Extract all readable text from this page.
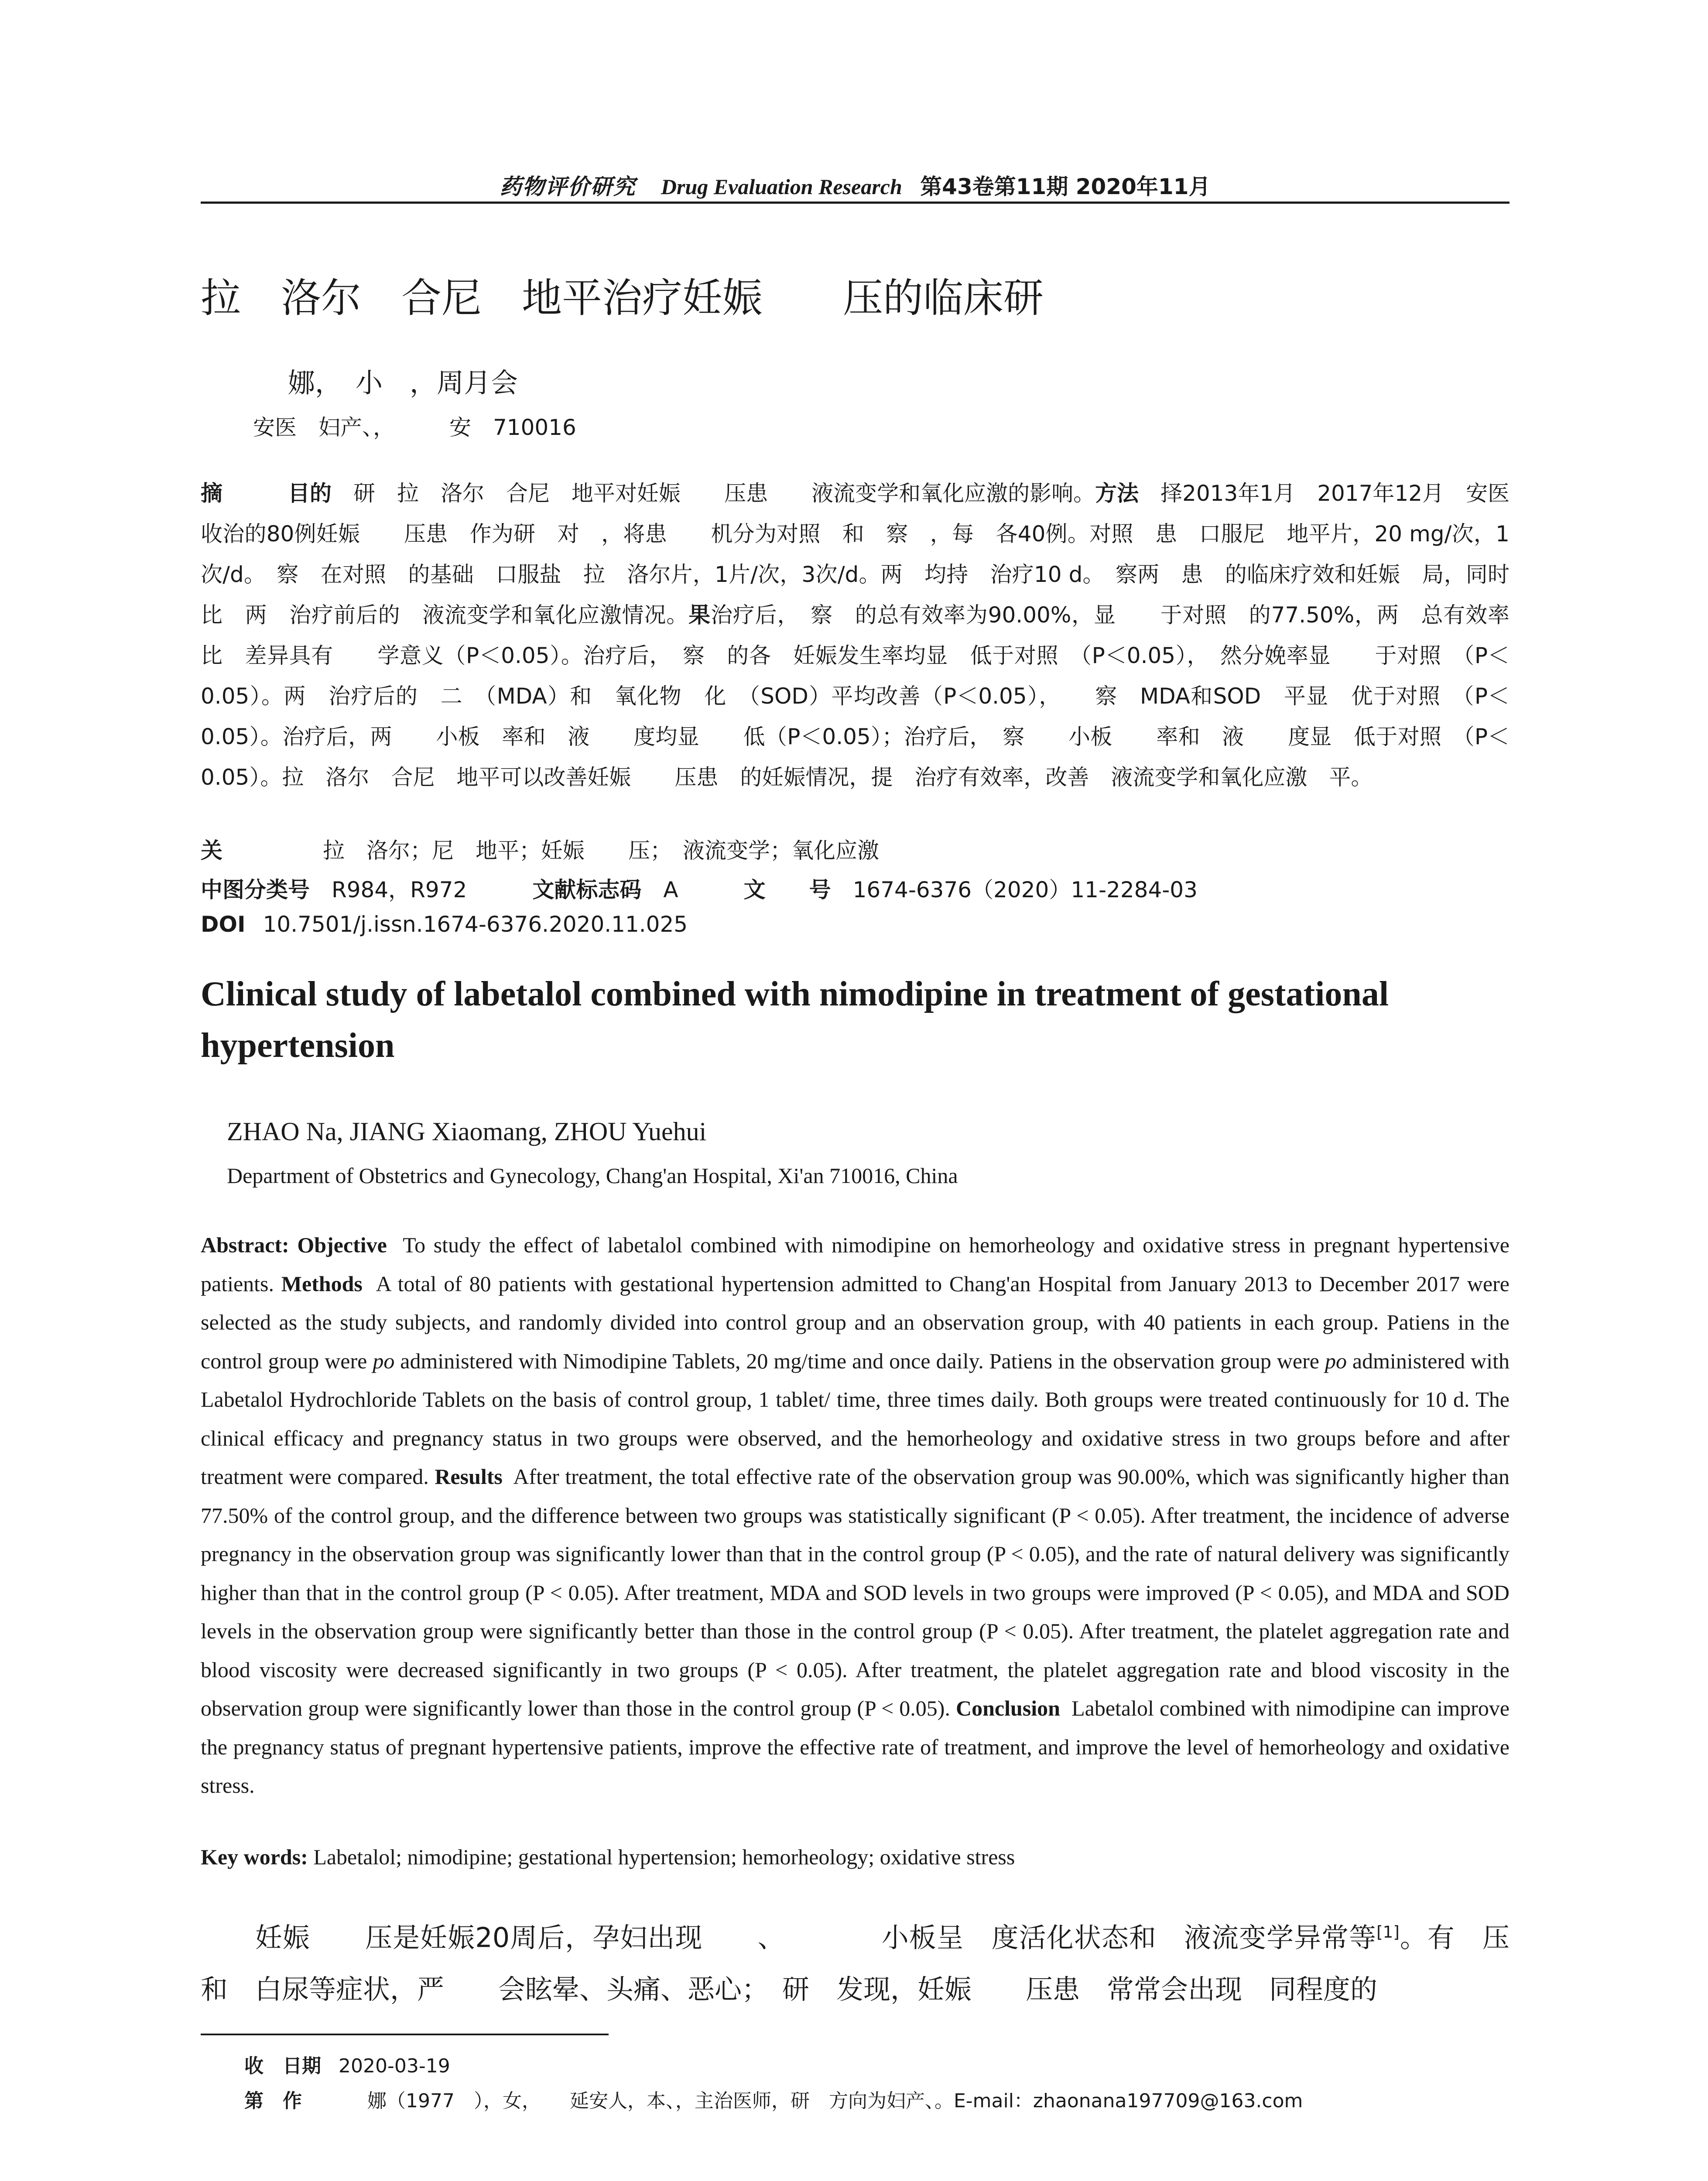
药物评价研究 Drug Evaluation Research 第43卷第11期 2020年11月
拉　洛尔　合尼　地平治疗妊娠　　压的临床研
娜，　小　，周月会
安医　妇产、，　　　安　710016
摘	目的　 研　拉　洛尔　合尼　地平对妊娠　　压患　　液流变学和氧化应激的影响。方法　 择2013年1月　2017年12月　安医　收治的80例妊娠　　压患　作为研　对　，将患　　机分为对照　和　察　，每　各40例。对照　患　口服尼　地平片，20 mg/次，1次/d。　察　在对照　的基础　口服盐　拉　洛尔片，1片/次，3次/d。两　均持　治疗10 d。　察两　患　的临床疗效和妊娠　局，同时比　两　治疗前后的　液流变学和氧化应激情况。果治疗后，　察　的总有效率为90.00%，显　　于对照　的77.50%，两　总有效率比　差异具有　　学意义（P＜0.05）。治疗后，　察　的各　妊娠发生率均显　低于对照　（P＜0.05），　然分娩率显　　于对照　（P＜0.05）。两　治疗后的　二　（MDA）和　氧化物　化　（SOD）平均改善（P＜0.05），　　察　MDA和SOD　平显　优于对照　（P＜0.05）。治疗后，两　　小板　率和　液　　度均显　　低（P＜0.05）；治疗后，　察　　小板　　率和　液　　度显　低于对照　（P＜0.05）。拉　洛尔　合尼　地平可以改善妊娠　　压患　的妊娠情况，提　治疗有效率，改善　液流变学和氧化应激　平。
关	拉　洛尔；尼　地平；妊娠　　压；　液流变学；氧化应激
中图分类号 R984，R972	文献标志码 A	文　　号 1674-6376（2020）11-2284-03
DOI 10.7501/j.issn.1674-6376.2020.11.025
Clinical study of labetalol combined with nimodipine in treatment of gestational hypertension
ZHAO Na, JIANG Xiaomang, ZHOU Yuehui
Department of Obstetrics and Gynecology, Chang'an Hospital, Xi'an 710016, China
Abstract: Objective To study the effect of labetalol combined with nimodipine on hemorheology and oxidative stress in pregnant hypertensive patients. Methods A total of 80 patients with gestational hypertension admitted to Chang'an Hospital from January 2013 to December 2017 were selected as the study subjects, and randomly divided into control group and an observation group, with 40 patients in each group. Patiens in the control group were po administered with Nimodipine Tablets, 20 mg/time and once daily. Patiens in the observation group were po administered with Labetalol Hydrochloride Tablets on the basis of control group, 1 tablet/ time, three times daily. Both groups were treated continuously for 10 d. The clinical efficacy and pregnancy status in two groups were observed, and the hemorheology and oxidative stress in two groups before and after treatment were compared. Results After treatment, the total effective rate of the observation group was 90.00%, which was significantly higher than 77.50% of the control group, and the difference between two groups was statistically significant (P < 0.05). After treatment, the incidence of adverse pregnancy in the observation group was significantly lower than that in the control group (P < 0.05), and the rate of natural delivery was significantly higher than that in the control group (P < 0.05). After treatment, MDA and SOD levels in two groups were improved (P < 0.05), and MDA and SOD levels in the observation group were significantly better than those in the control group (P < 0.05). After treatment, the platelet aggregation rate and blood viscosity were decreased significantly in two groups (P < 0.05). After treatment, the platelet aggregation rate and blood viscosity in the observation group were significantly lower than those in the control group (P < 0.05). Conclusion Labetalol combined with nimodipine can improve the pregnancy status of pregnant hypertensive patients, improve the effective rate of treatment, and improve the level of hemorheology and oxidative stress.
Key words: Labetalol; nimodipine; gestational hypertension; hemorheology; oxidative stress
妊娠　　压是妊娠20周后，孕妇出现　　、　　　　小板呈　度活化状态和　液流变学异常等[1]。有　压和　白尿等症状，严　　会眩晕、头痛、恶心；　研　发现，妊娠　　压患　常常会出现　同程度的
收　日期 2020-03-19
第　作	娜（1977　），女，　　延安人，本、，主治医师，研　方向为妇产、。E-mail：zhaonana197709@163.com
